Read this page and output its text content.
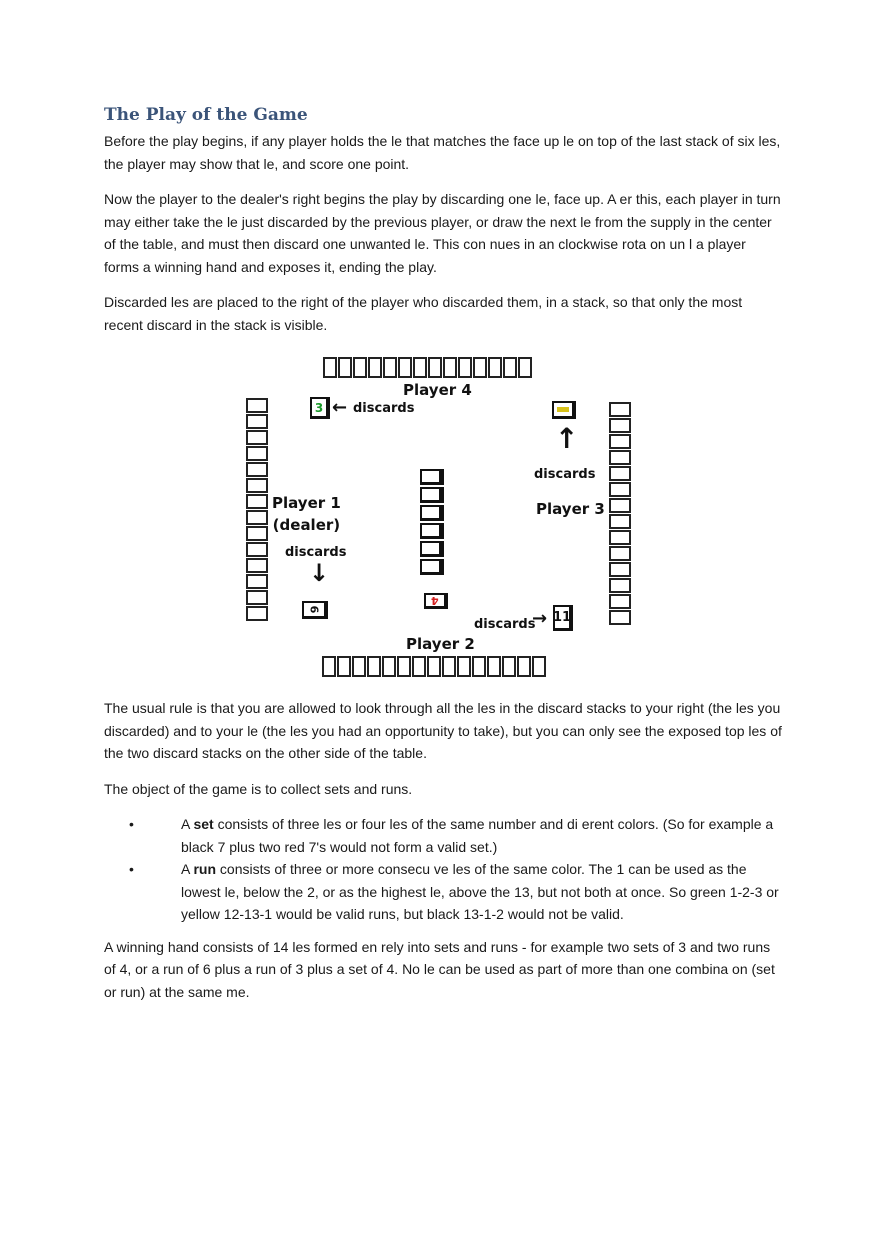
The Play of the Game

Before the play begins, if any player holds the le that matches the face up le on top of the last stack of six les, the player may show that le, and score one point.

Now the player to the dealer's right begins the play by discarding one le, face up. A er this, each player in turn may either take the le just discarded by the previous player, or draw the next le from the supply in the center of the table, and must then discard one unwanted le. This con nues in an clockwise rota on un l a player forms a winning hand and exposes it, ending the play.

Discarded les are placed to the right of the player who discarded them, in a stack, so that only the most recent discard in the stack is visible.

Player 4
3 ← discards
Player 1
(dealer)
discards
↓
6
4
↑
discards
Player 3
discards
→ 11
Player 2

The usual rule is that you are allowed to look through all the les in the discard stacks to your right (the les you discarded) and to your le (the les you had an opportunity to take), but you can only see the exposed top les of the two discard stacks on the other side of the table.

The object of the game is to collect sets and runs.

• A set consists of three les or four les of the same number and di erent colors. (So for example a black 7 plus two red 7's would not form a valid set.)
• A run consists of three or more consecu ve les of the same color. The 1 can be used as the lowest le, below the 2, or as the highest le, above the 13, but not both at once. So green 1-2-3 or yellow 12-13-1 would be valid runs, but black 13-1-2 would not be valid.

A winning hand consists of 14 les formed en rely into sets and runs - for example two sets of 3 and two runs of 4, or a run of 6 plus a run of 3 plus a set of 4. No le can be used as part of more than one combina on (set or run) at the same me.
